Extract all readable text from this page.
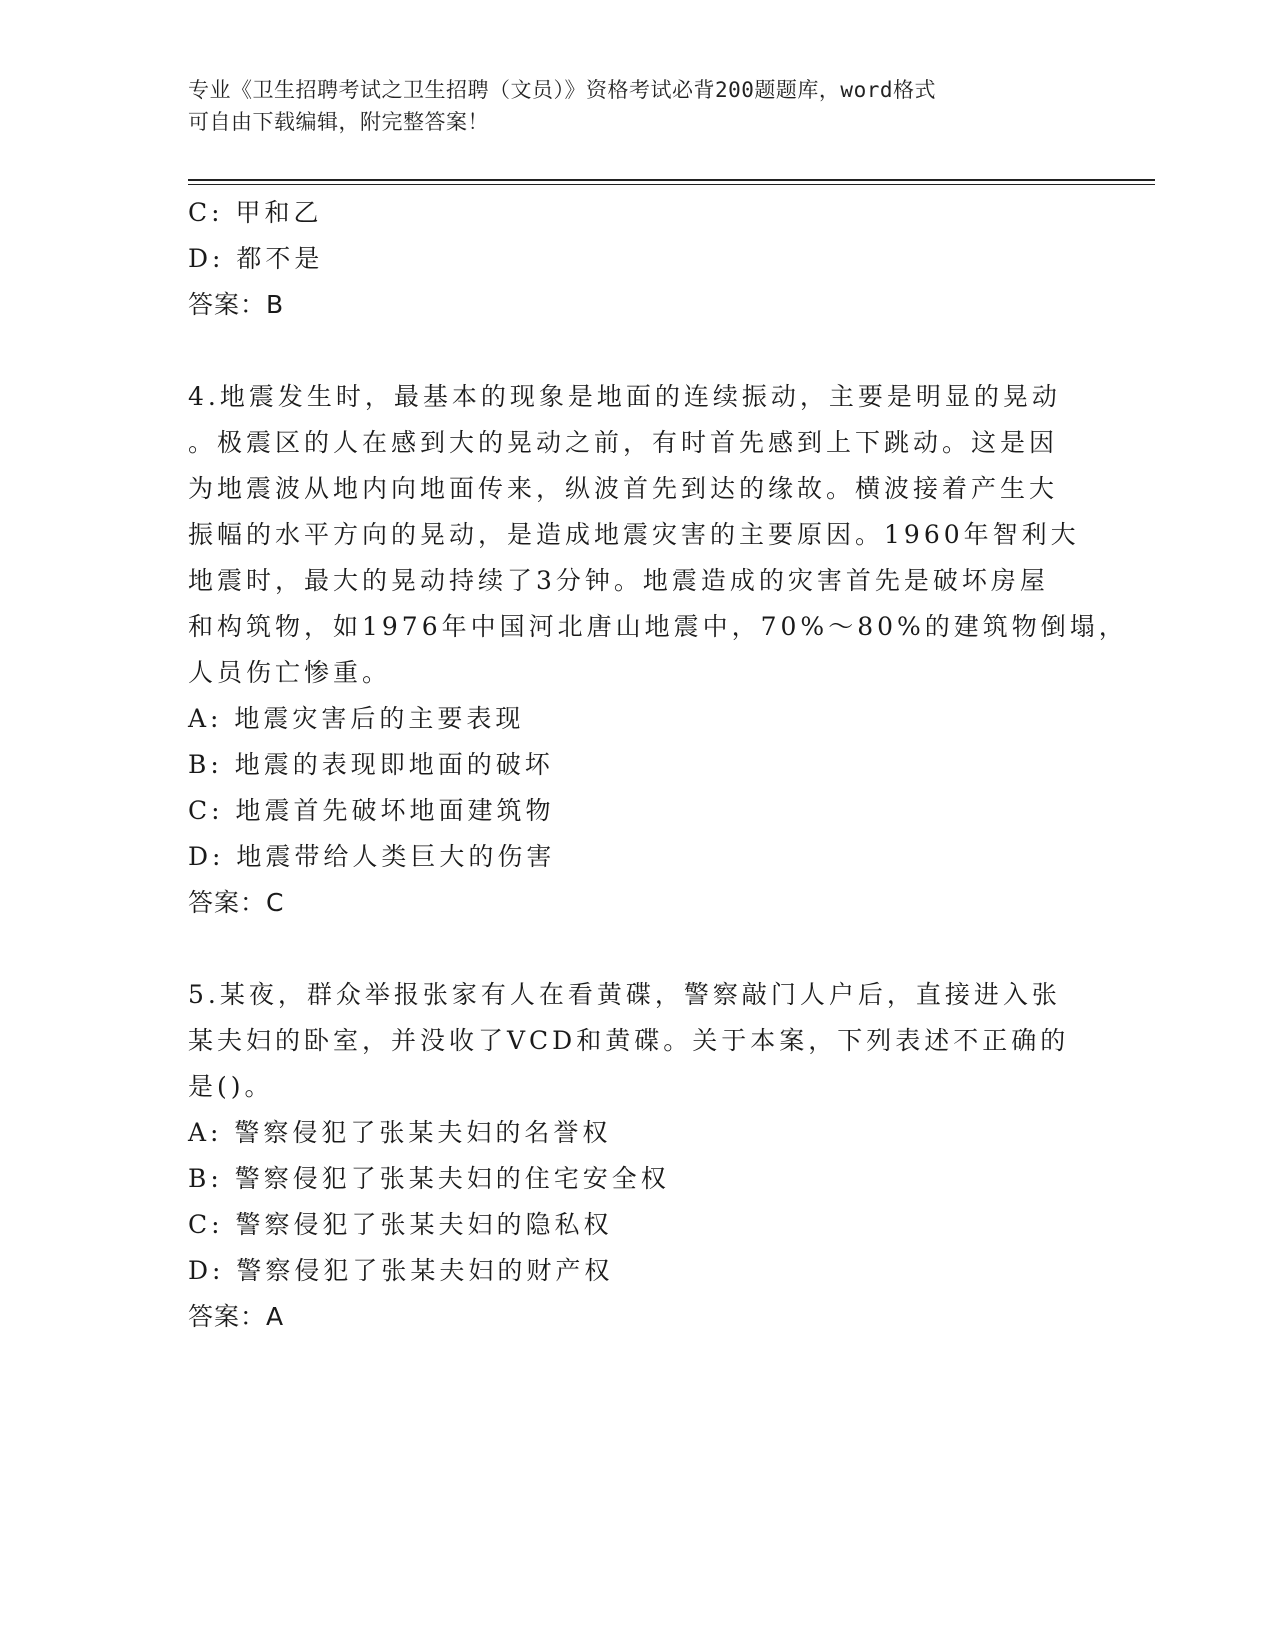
专业《卫生招聘考试之卫生招聘（文员）》资格考试必背200题题库，word格式
可自由下载编辑，附完整答案！
C: 甲和乙
D: 都不是
答案：B
4.地震发生时，最基本的现象是地面的连续振动，主要是明显的晃动
。极震区的人在感到大的晃动之前，有时首先感到上下跳动。这是因
为地震波从地内向地面传来，纵波首先到达的缘故。横波接着产生大
振幅的水平方向的晃动，是造成地震灾害的主要原因。1960年智利大
地震时，最大的晃动持续了3分钟。地震造成的灾害首先是破坏房屋
和构筑物，如1976年中国河北唐山地震中，70%～80%的建筑物倒塌，
人员伤亡惨重。
A: 地震灾害后的主要表现
B: 地震的表现即地面的破坏
C: 地震首先破坏地面建筑物
D: 地震带给人类巨大的伤害
答案：C
5.某夜，群众举报张家有人在看黄碟，警察敲门人户后，直接进入张
某夫妇的卧室，并没收了VCD和黄碟。关于本案，下列表述不正确的
是()。
A: 警察侵犯了张某夫妇的名誉权
B: 警察侵犯了张某夫妇的住宅安全权
C: 警察侵犯了张某夫妇的隐私权
D: 警察侵犯了张某夫妇的财产权
答案：A
